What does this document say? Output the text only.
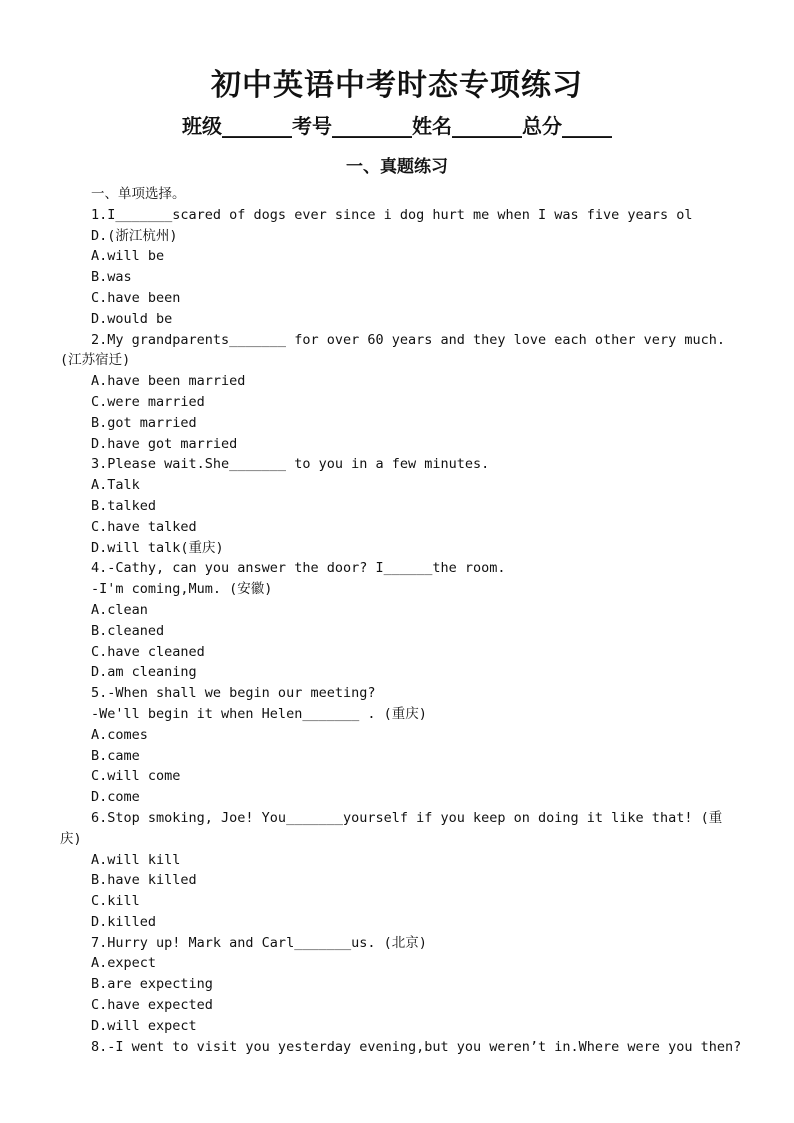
初中英语中考时态专项练习
班级_______考号________姓名_______总分_____
一、真题练习
一、单项选择。
1.I_______scared of dogs ever since i dog hurt me when I was five years ol
D.(浙江杭州)
A.will be
B.was
C.have been
D.would be
2.My grandparents_______ for over 60 years and they love each other very much.
(江苏宿迁)
A.have been married
C.were married
B.got married
D.have got married
3.Please wait.She_______ to you in a few minutes.
A.Talk
B.talked
C.have talked
D.will talk(重庆)
4.-Cathy, can you answer the door? I______the room.
-I'm coming,Mum. (安徽)
A.clean
B.cleaned
C.have cleaned
D.am cleaning
5.-When shall we begin our meeting?
-We'll begin it when Helen_______ . (重庆)
A.comes
B.came
C.will come
D.come
6.Stop smoking, Joe! You_______yourself if you keep on doing it like that! (重
庆)
A.will kill
B.have killed
C.kill
D.killed
7.Hurry up! Mark and Carl_______us. (北京)
A.expect
B.are expecting
C.have expected
D.will expect
8.-I went to visit you yesterday evening,but you weren’t in.Where were you then?
